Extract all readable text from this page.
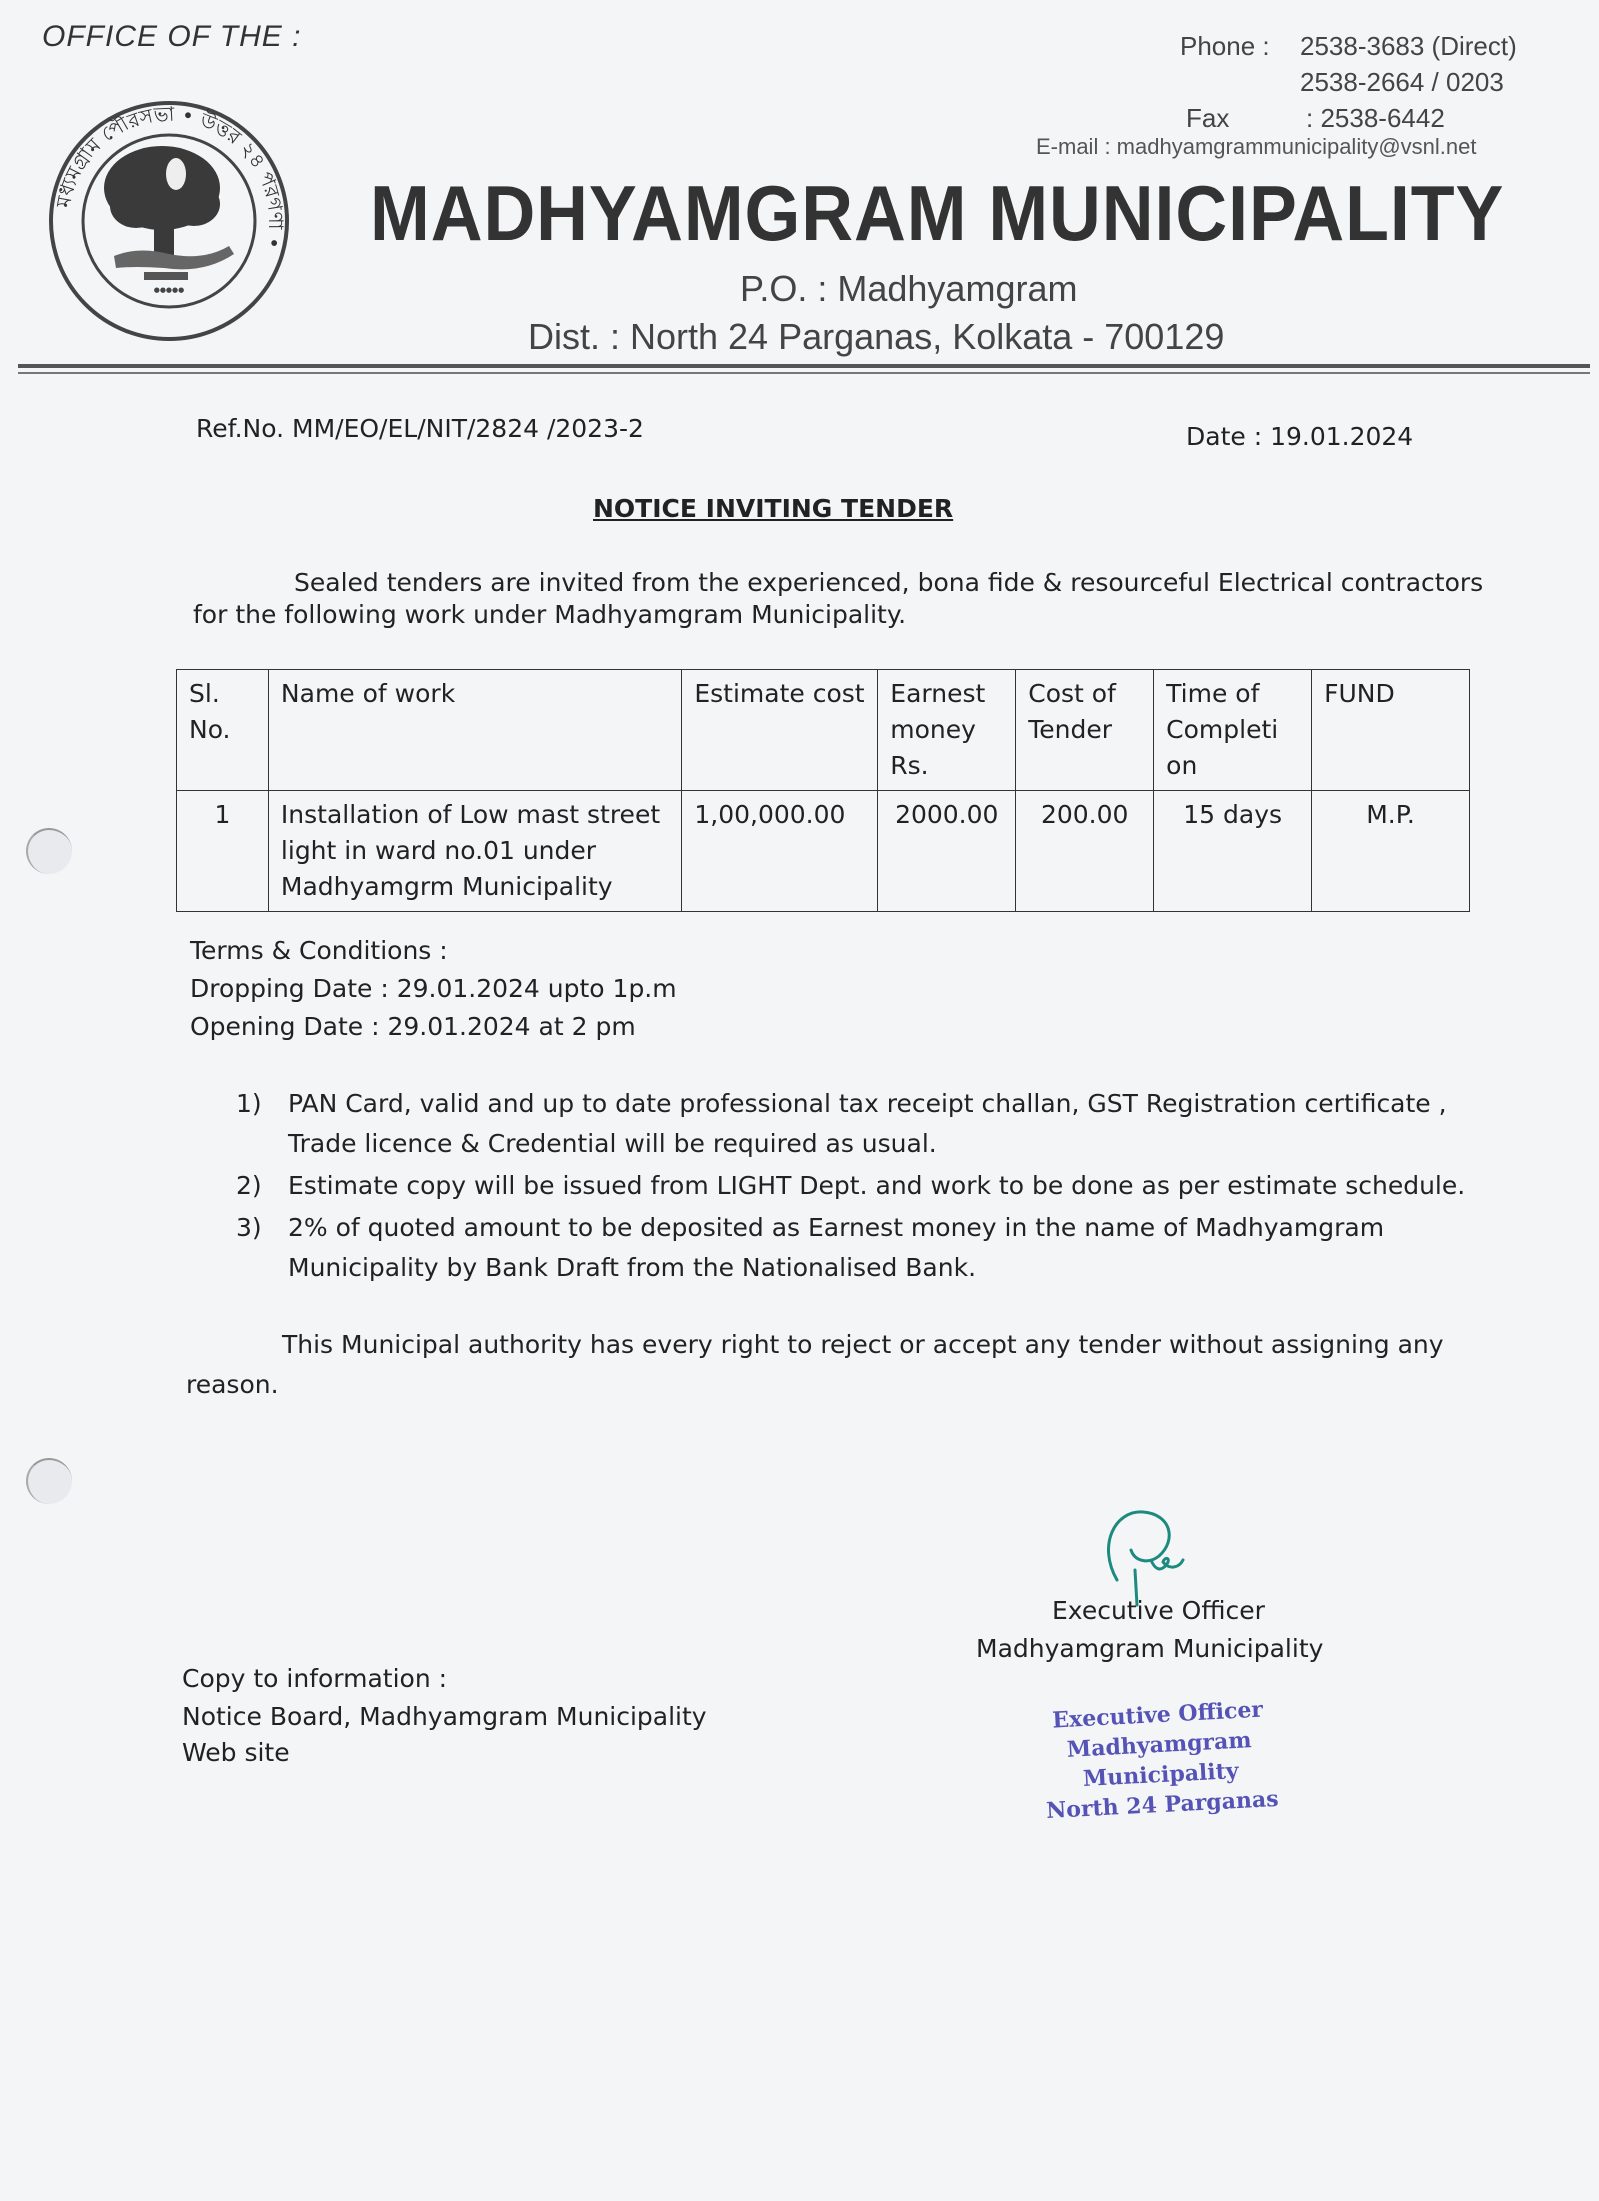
OFFICE OF THE :	Phone : 2538-3683 (Direct)
2538-2664 / 0203
Fax	: 2538-6442
E-mail : madhyamgrammunicipality@vsnl.net
মধ্যমগ্রাম পৌরসভা • উত্তর ২৪ পরগণা •
●●●●●
MADHYAMGRAM MUNICIPALITY
P.O. : Madhyamgram
Dist. : North 24 Parganas, Kolkata - 700129
Ref.No. MM/EO/EL/NIT/2824 /2023-2	Date : 19.01.2024
NOTICE INVITING TENDER
Sealed tenders are invited from the experienced, bona fide & resourceful Electrical contractors
for the following work under Madhyamgram Municipality.
Sl. No.	Name of work	Estimate cost	Earnest money Rs.	Cost of Tender	Time of Completi on	FUND
1	Installation of Low mast street light in ward no.01 under Madhyamgrm Municipality	1,00,000.00	2000.00	200.00	15 days	M.P.
Terms & Conditions :
Dropping Date : 29.01.2024 upto 1p.m
Opening Date : 29.01.2024 at 2 pm
1) PAN Card, valid and up to date professional tax receipt challan, GST Registration certificate , Trade licence & Credential will be required as usual.
2) Estimate copy will be issued from LIGHT Dept. and work to be done as per estimate schedule.
3) 2% of quoted amount to be deposited as Earnest money in the name of Madhyamgram Municipality by Bank Draft from the Nationalised Bank.
This Municipal authority has every right to reject or accept any tender without assigning any
reason.
Executive Officer
Madhyamgram Municipality
Executive Officer
Madhyamgram Municipality
North 24 Parganas
Copy to information :
Notice Board, Madhyamgram Municipality
Web site
